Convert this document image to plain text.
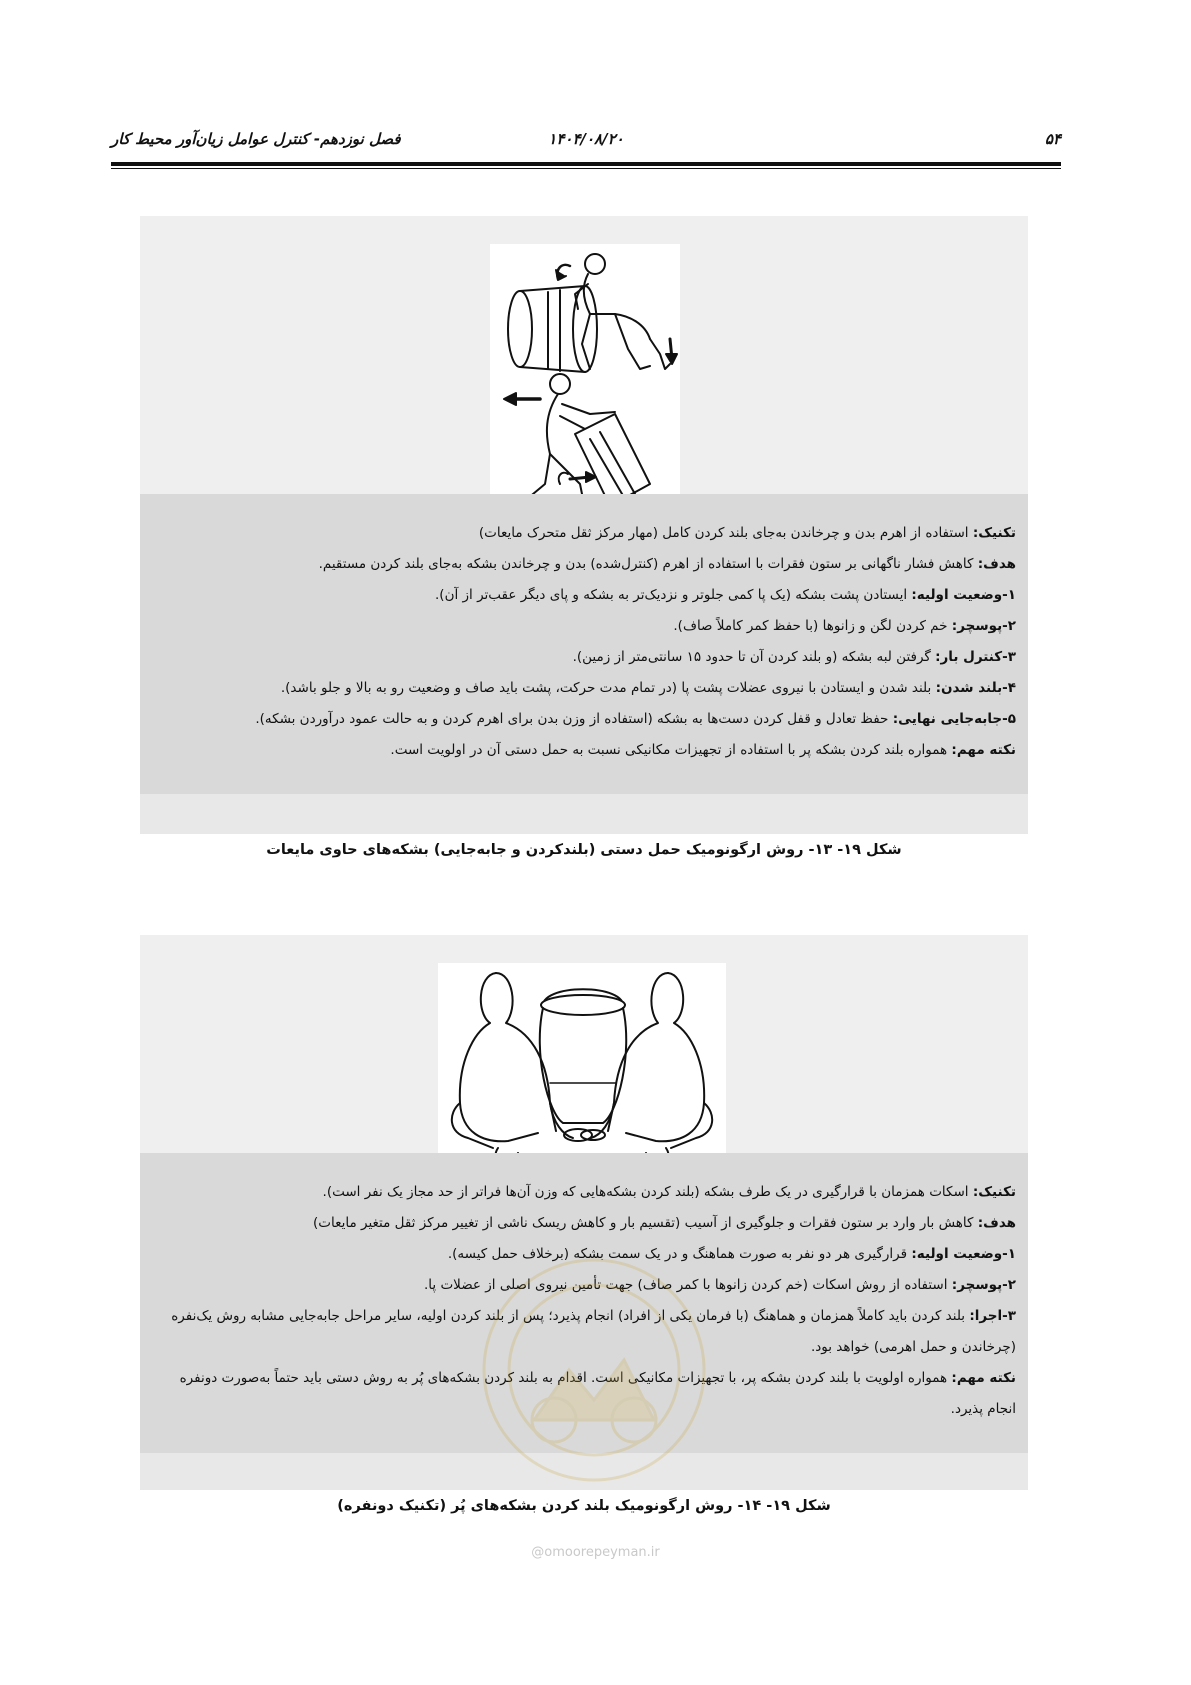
۵۴
۱۴۰۴/۰۸/۲۰
فصل نوزدهم- کنترل عوامل زیان‌آور محیط کار
تکنیک: استفاده از اهرم بدن و چرخاندن به‌جای بلند کردن کامل (مهار مرکز ثقل متحرک مایعات)
هدف: کاهش فشار ناگهانی بر ستون فقرات با استفاده از اهرم (کنترل‌شده) بدن و چرخاندن بشکه به‌جای بلند کردن مستقیم.
۱-وضعیت اولیه: ایستادن پشت بشکه (یک پا کمی جلوتر و نزدیک‌تر به بشکه و پای دیگر عقب‌تر از آن).
۲-پوسچر: خم کردن لگن و زانوها (با حفظ کمر کاملاً صاف).
۳-کنترل بار: گرفتن لبه بشکه (و بلند کردن آن تا حدود ۱۵ سانتی‌متر از زمین).
۴-بلند شدن: بلند شدن و ایستادن با نیروی عضلات پشت پا (در تمام مدت حرکت، پشت باید صاف و وضعیت رو به بالا و جلو باشد).
۵-جابه‌جایی نهایی: حفظ تعادل و قفل کردن دست‌ها به بشکه (استفاده از وزن بدن برای اهرم کردن و به حالت عمود درآوردن بشکه).
نکته مهم: همواره بلند کردن بشکه پر با استفاده از تجهیزات مکانیکی نسبت به حمل دستی آن در اولویت است.
شکل ۱۹- ۱۳- روش ارگونومیک حمل دستی (بلندکردن و جابه‌جایی) بشکه‌های حاوی مایعات
تکنیک: اسکات همزمان با قرارگیری در یک طرف بشکه (بلند کردن بشکه‌هایی که وزن آن‌ها فراتر از حد مجاز یک نفر است).
هدف: کاهش بار وارد بر ستون فقرات و جلوگیری از آسیب (تقسیم بار و کاهش ریسک ناشی از تغییر مرکز ثقل متغیر مایعات)
۱-وضعیت اولیه: قرارگیری هر دو نفر به صورت هماهنگ و در یک سمت بشکه (برخلاف حمل کیسه).
۲-پوسچر: استفاده از روش اسکات (خم کردن زانوها با کمر صاف) جهت تأمین نیروی اصلی از عضلات پا.
۳-اجرا: بلند کردن باید کاملاً همزمان و هماهنگ (با فرمان یکی از افراد) انجام پذیرد؛ پس از بلند کردن اولیه، سایر مراحل جابه‌جایی مشابه روش یک‌نفره (چرخاندن و حمل اهرمی) خواهد بود.
نکته مهم: همواره اولویت با بلند کردن بشکه پر، با تجهیزات مکانیکی است. اقدام به بلند کردن بشکه‌های پُر به روش دستی باید حتماً به‌صورت دونفره انجام پذیرد.
شکل ۱۹- ۱۴- روش ارگونومیک بلند کردن بشکه‌های پُر (تکنیک دونفره)
@omoorepeyman.ir
